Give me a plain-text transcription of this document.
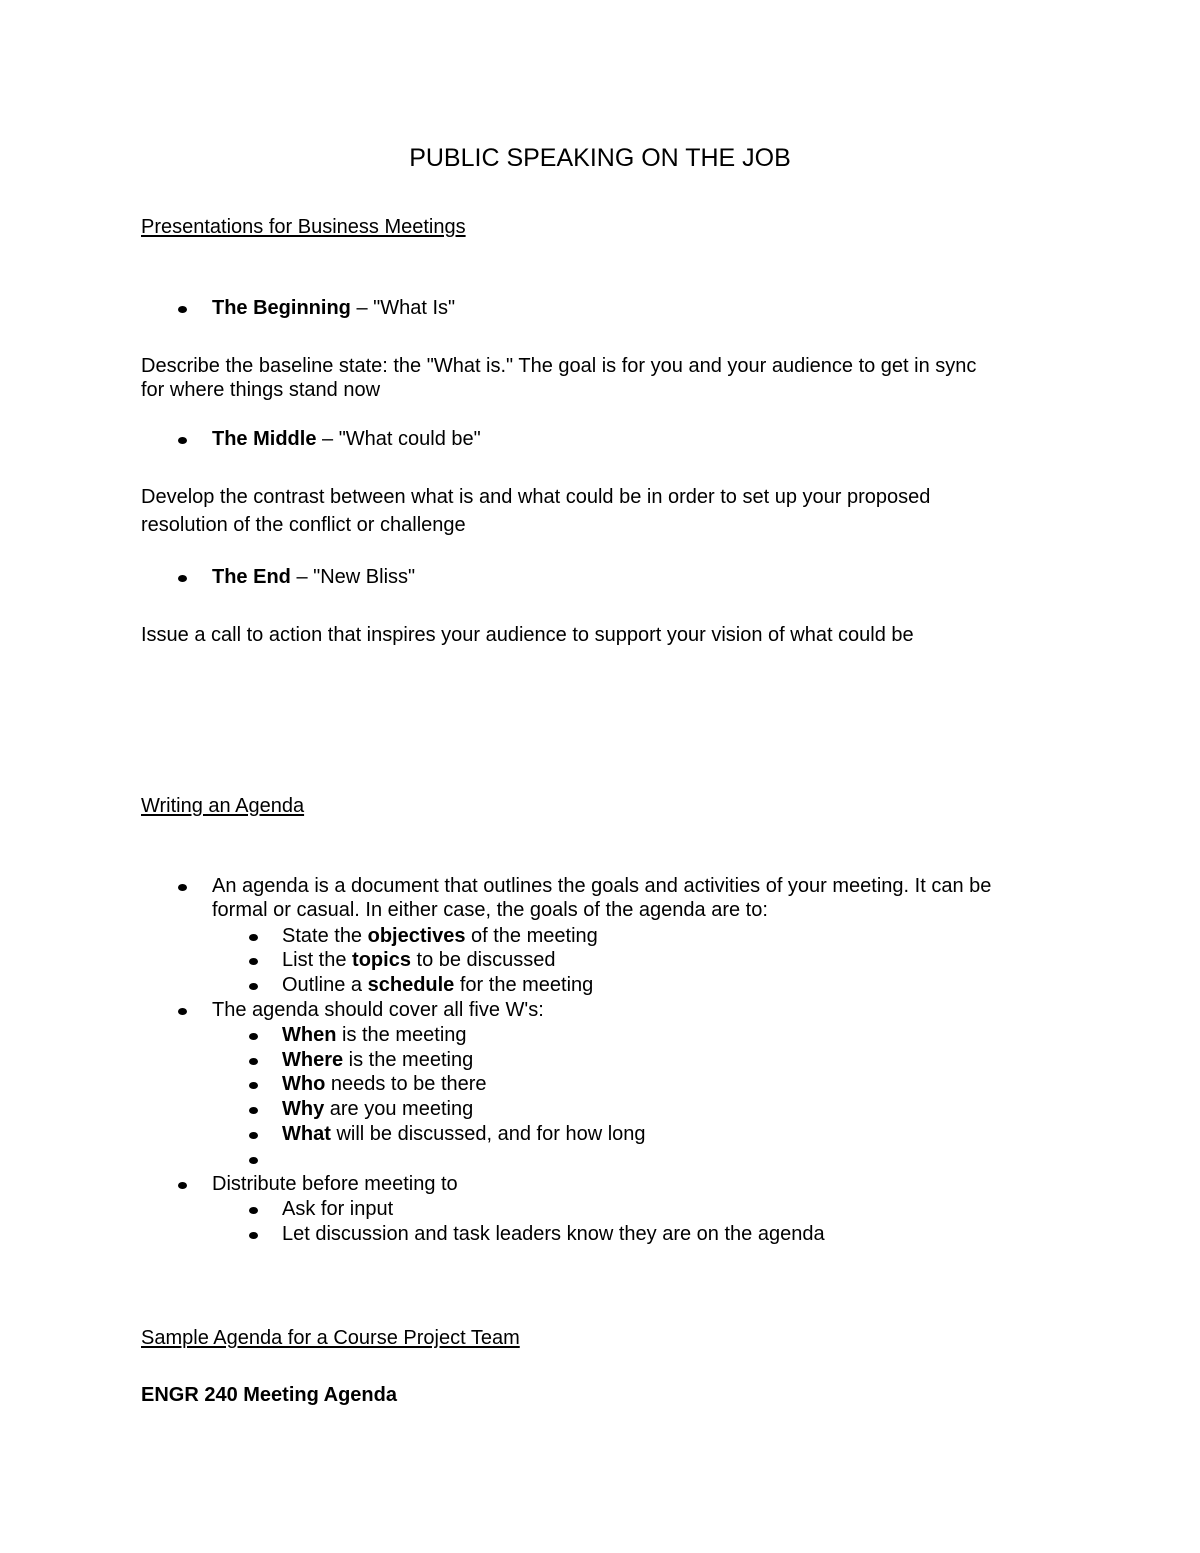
PUBLIC SPEAKING ON THE JOB
Presentations for Business Meetings
The Beginning – "What Is"
Describe the baseline state: the "What is." The goal is for you and your audience to get in sync
for where things stand now
The Middle – "What could be"
Develop the contrast between what is and what could be in order to set up your proposed
resolution of the conflict or challenge
The End – "New Bliss"
Issue a call to action that inspires your audience to support your vision of what could be
Writing an Agenda
An agenda is a document that outlines the goals and activities of your meeting. It can be
formal or casual. In either case, the goals of the agenda are to:
State the objectives of the meeting
List the topics to be discussed
Outline a schedule for the meeting
The agenda should cover all five W's:
When is the meeting
Where is the meeting
Who needs to be there
Why are you meeting
What will be discussed, and for how long
Distribute before meeting to
Ask for input
Let discussion and task leaders know they are on the agenda
Sample Agenda for a Course Project Team
ENGR 240 Meeting Agenda
